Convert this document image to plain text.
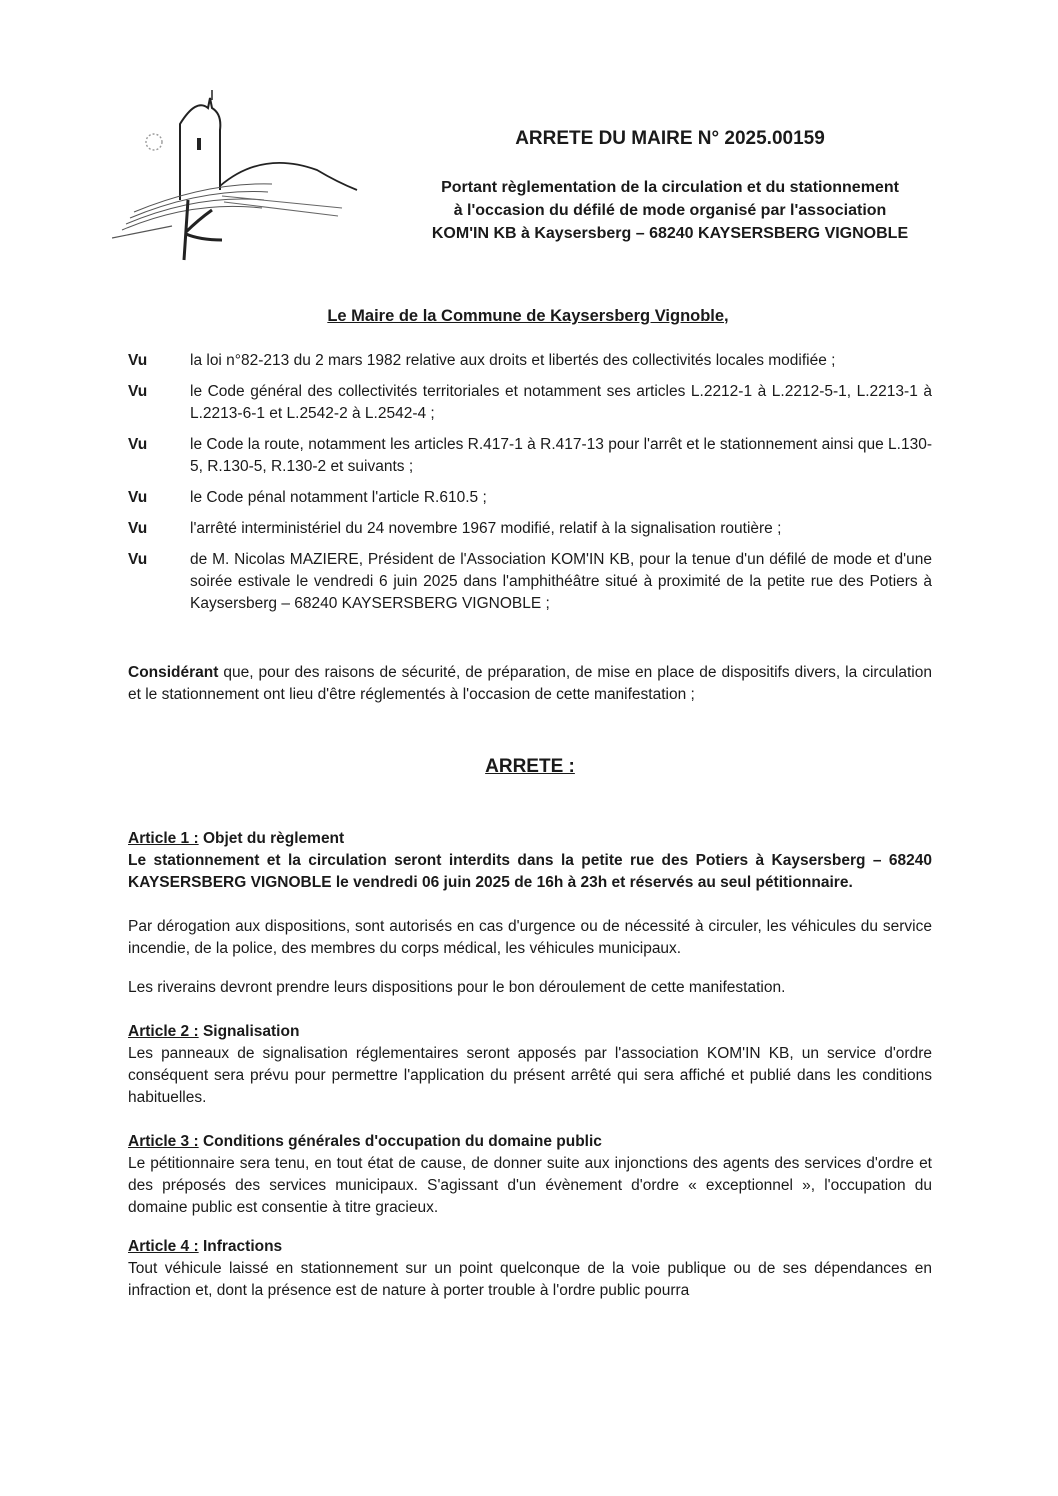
ARRETE DU MAIRE N° 2025.00159
Portant règlementation de la circulation et du stationnement
à l'occasion du défilé de mode organisé par l'association
KOM'IN KB à Kaysersberg – 68240 KAYSERSBERG VIGNOBLE
Le Maire de la Commune de Kaysersberg Vignoble,
Vu	la loi n°82-213 du 2 mars 1982 relative aux droits et libertés des collectivités locales modifiée ;
Vu	le Code général des collectivités territoriales et notamment ses articles L.2212-1 à L.2212-5-1, L.2213-1 à L.2213-6-1 et L.2542-2 à L.2542-4 ;
Vu	le Code la route, notamment les articles R.417-1 à R.417-13 pour l'arrêt et le stationnement ainsi que L.130-5, R.130-5, R.130-2 et suivants ;
Vu	le Code pénal notamment l'article R.610.5 ;
Vu	l'arrêté interministériel du 24 novembre 1967 modifié, relatif à la signalisation routière ;
Vu	de M. Nicolas MAZIERE, Président de l'Association KOM'IN KB, pour la tenue d'un défilé de mode et d'une soirée estivale le vendredi 6 juin 2025 dans l'amphithéâtre situé à proximité de la petite rue des Potiers à Kaysersberg – 68240 KAYSERSBERG VIGNOBLE ;
Considérant que, pour des raisons de sécurité, de préparation, de mise en place de dispositifs divers, la circulation et le stationnement ont lieu d'être réglementés à l'occasion de cette manifestation ;
ARRETE :
Article 1 : Objet du règlement
Le stationnement et la circulation seront interdits dans la petite rue des Potiers à Kaysersberg – 68240 KAYSERSBERG VIGNOBLE le vendredi 06 juin 2025 de 16h à 23h et réservés au seul pétitionnaire.
Par dérogation aux dispositions, sont autorisés en cas d'urgence ou de nécessité à circuler, les véhicules du service incendie, de la police, des membres du corps médical, les véhicules municipaux.
Les riverains devront prendre leurs dispositions pour le bon déroulement de cette manifestation.
Article 2 : Signalisation
Les panneaux de signalisation réglementaires seront apposés par l'association KOM'IN KB, un service d'ordre conséquent sera prévu pour permettre l'application du présent arrêté qui sera affiché et publié dans les conditions habituelles.
Article 3 : Conditions générales d'occupation du domaine public
Le pétitionnaire sera tenu, en tout état de cause, de donner suite aux injonctions des agents des services d'ordre et des préposés des services municipaux. S'agissant d'un évènement d'ordre « exceptionnel », l'occupation du domaine public est consentie à titre gracieux.
Article 4 : Infractions
Tout véhicule laissé en stationnement sur un point quelconque de la voie publique ou de ses dépendances en infraction et, dont la présence est de nature à porter trouble à l'ordre public pourra
